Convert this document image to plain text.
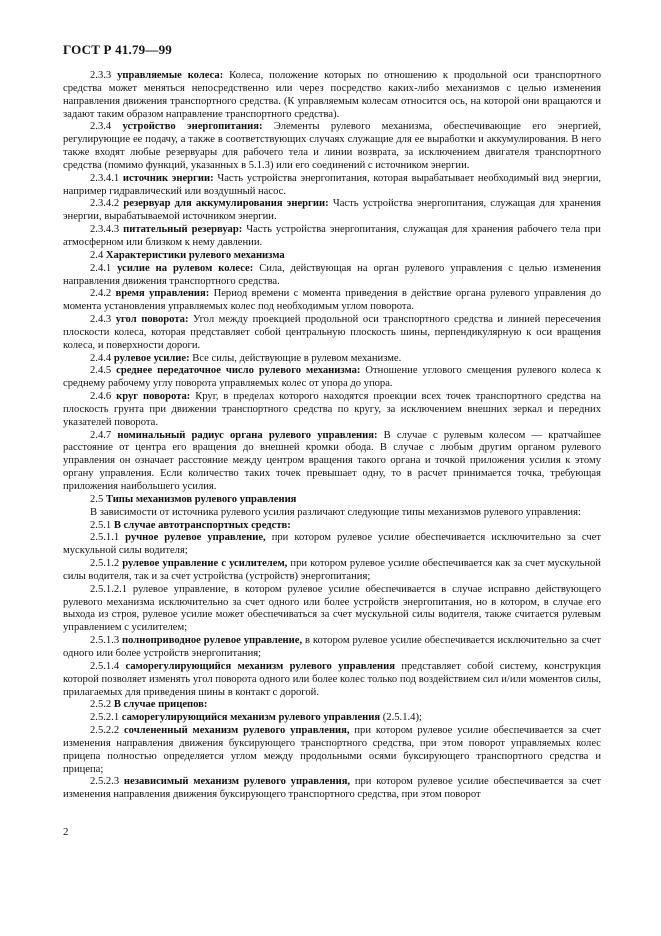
ГОСТ Р 41.79—99

2.3.3 управляемые колеса: Колеса, положение которых по отношению к продольной оси транспортного средства может меняться непосредственно или через посредство каких-либо механизмов с целью изменения направления движения транспортного средства. (К управляемым колесам относится ось, на которой они вращаются и задают таким образом направление транспортного средства).

2.3.4 устройство энергопитания: Элементы рулевого механизма, обеспечивающие его энергией, регулирующие ее подачу, а также в соответствующих случаях служащие для ее выработки и аккумулирования. В него также входят любые резервуары для рабочего тела и линии возврата, за исключением двигателя транспортного средства (помимо функций, указанных в 5.1.3) или его соединений с источником энергии.

2.3.4.1 источник энергии: Часть устройства энергопитания, которая вырабатывает необходимый вид энергии, например гидравлический или воздушный насос.

2.3.4.2 резервуар для аккумулирования энергии: Часть устройства энергопитания, служащая для хранения энергии, вырабатываемой источником энергии.

2.3.4.3 питательный резервуар: Часть устройства энергопитания, служащая для хранения рабочего тела при атмосферном или близком к нему давлении.

2.4 Характеристики рулевого механизма

2.4.1 усилие на рулевом колесе: Сила, действующая на орган рулевого управления с целью изменения направления движения транспортного средства.

2.4.2 время управления: Период времени с момента приведения в действие органа рулевого управления до момента установления управляемых колес под необходимым углом поворота.

2.4.3 угол поворота: Угол между проекцией продольной оси транспортного средства и линией пересечения плоскости колеса, которая представляет собой центральную плоскость шины, перпендикулярную к оси вращения колеса, и поверхности дороги.

2.4.4 рулевое усилие: Все силы, действующие в рулевом механизме.

2.4.5 среднее передаточное число рулевого механизма: Отношение углового смещения рулевого колеса к среднему рабочему углу поворота управляемых колес от упора до упора.

2.4.6 круг поворота: Круг, в пределах которого находятся проекции всех точек транспортного средства на плоскость грунта при движении транспортного средства по кругу, за исключением внешних зеркал и передних указателей поворота.

2.4.7 номинальный радиус органа рулевого управления: В случае с рулевым колесом — кратчайшее расстояние от центра его вращения до внешней кромки обода. В случае с любым другим органом рулевого управления он означает расстояние между центром вращения такого органа и точкой приложения усилия к этому органу управления. Если количество таких точек превышает одну, то в расчет принимается точка, требующая приложения наибольшего усилия.

2.5 Типы механизмов рулевого управления

В зависимости от источника рулевого усилия различают следующие типы механизмов рулевого управления:

2.5.1 В случае автотранспортных средств:

2.5.1.1 ручное рулевое управление, при котором рулевое усилие обеспечивается исключительно за счет мускульной силы водителя;

2.5.1.2 рулевое управление с усилителем, при котором рулевое усилие обеспечивается как за счет мускульной силы водителя, так и за счет устройства (устройств) энергопитания;

2.5.1.2.1 рулевое управление, в котором рулевое усилие обеспечивается в случае исправно действующего рулевого механизма исключительно за счет одного или более устройств энергопитания, но в котором, в случае его выхода из строя, рулевое усилие может обеспечиваться за счет мускульной силы водителя, также считается рулевым управлением с усилителем;

2.5.1.3 полноприводное рулевое управление, в котором рулевое усилие обеспечивается исключительно за счет одного или более устройств энергопитания;

2.5.1.4 саморегулирующийся механизм рулевого управления представляет собой систему, конструкция которой позволяет изменять угол поворота одного или более колес только под воздействием сил и/или моментов силы, прилагаемых для приведения шины в контакт с дорогой.

2.5.2 В случае прицепов:

2.5.2.1 саморегулирующийся механизм рулевого управления (2.5.1.4);

2.5.2.2 сочлененный механизм рулевого управления, при котором рулевое усилие обеспечивается за счет изменения направления движения буксирующего транспортного средства, при этом поворот управляемых колес прицепа полностью определяется углом между продольными осями буксирующего транспортного средства и прицепа;

2.5.2.3 независимый механизм рулевого управления, при котором рулевое усилие обеспечивается за счет изменения направления движения буксирующего транспортного средства, при этом поворот

2
